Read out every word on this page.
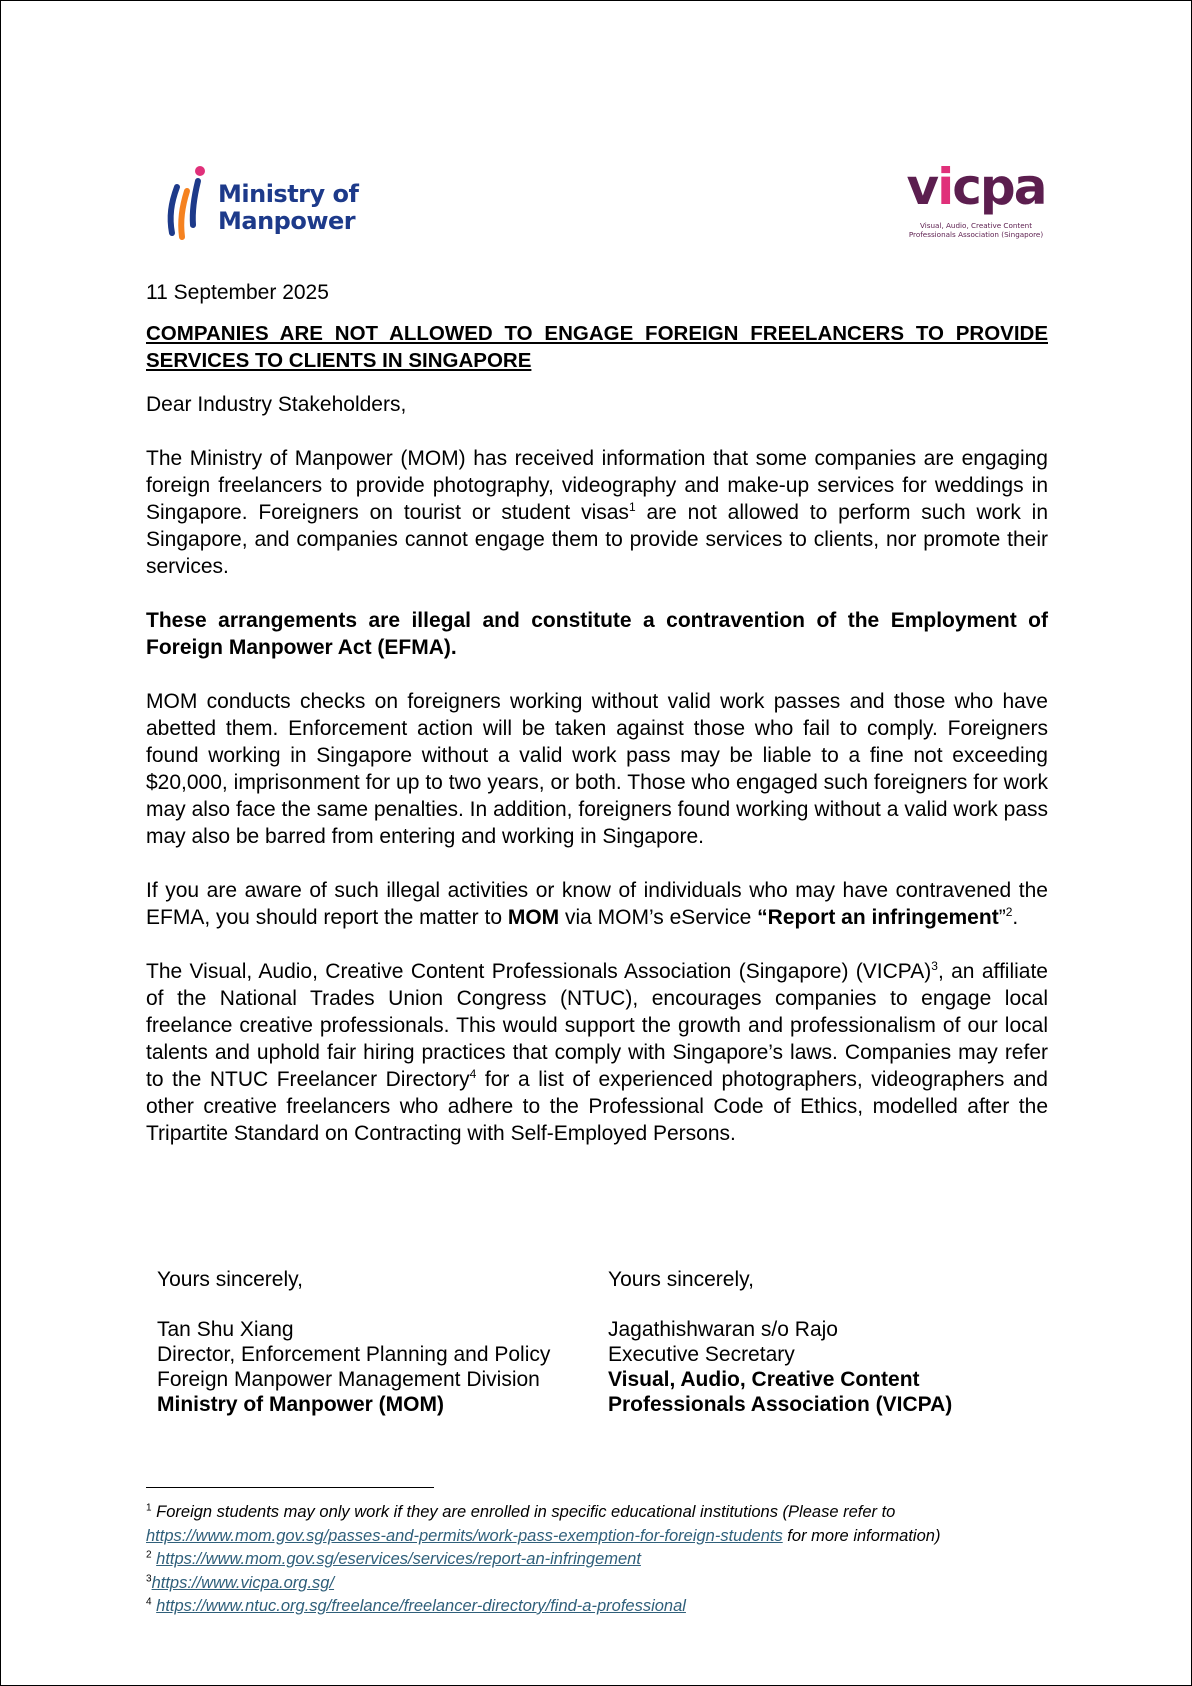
Ministry of
Manpower
vicpa
Visual, Audio, Creative Content
Professionals Association (Singapore)
11 September 2025
COMPANIES ARE NOT ALLOWED TO ENGAGE FOREIGN FREELANCERS TO PROVIDE SERVICES TO CLIENTS IN SINGAPORE
Dear Industry Stakeholders,

The Ministry of Manpower (MOM) has received information that some companies are engaging foreign freelancers to provide photography, videography and make-up services for weddings in Singapore. Foreigners on tourist or student visas$^1$ are not allowed to perform such work in Singapore, and companies cannot engage them to provide services to clients, nor promote their services.

These arrangements are illegal and constitute a contravention of the Employment of Foreign Manpower Act (EFMA).

MOM conducts checks on foreigners working without valid work passes and those who have abetted them. Enforcement action will be taken against those who fail to comply. Foreigners found working in Singapore without a valid work pass may be liable to a fine not exceeding $20,000, imprisonment for up to two years, or both. Those who engaged such foreigners for work may also face the same penalties. In addition, foreigners found working without a valid work pass may also be barred from entering and working in Singapore.

If you are aware of such illegal activities or know of individuals who may have contravened the EFMA, you should report the matter to MOM via MOM’s eService “Report an infringement”$^2$.

The Visual, Audio, Creative Content Professionals Association (Singapore) (VICPA)$^3$, an affiliate of the National Trades Union Congress (NTUC), encourages companies to engage local freelance creative professionals. This would support the growth and professionalism of our local talents and uphold fair hiring practices that comply with Singapore’s laws. Companies may refer to the NTUC Freelancer Directory$^4$ for a list of experienced photographers, videographers and other creative freelancers who adhere to the Professional Code of Ethics, modelled after the Tripartite Standard on Contracting with Self-Employed Persons.

Yours sincerely,
Tan Shu Xiang
Director, Enforcement Planning and Policy
Foreign Manpower Management Division
Ministry of Manpower (MOM)
Yours sincerely,
Jagathishwaran s/o Rajo
Executive Secretary
Visual, Audio, Creative Content
Professionals Association (VICPA)
$^1$ Foreign students may only work if they are enrolled in specific educational institutions (Please refer to
https://www.mom.gov.sg/passes-and-permits/work-pass-exemption-for-foreign-students for more information)
$^2$ https://www.mom.gov.sg/eservices/services/report-an-infringement
$^3$https://www.vicpa.org.sg/
$^4$ https://www.ntuc.org.sg/freelance/freelancer-directory/find-a-professional
